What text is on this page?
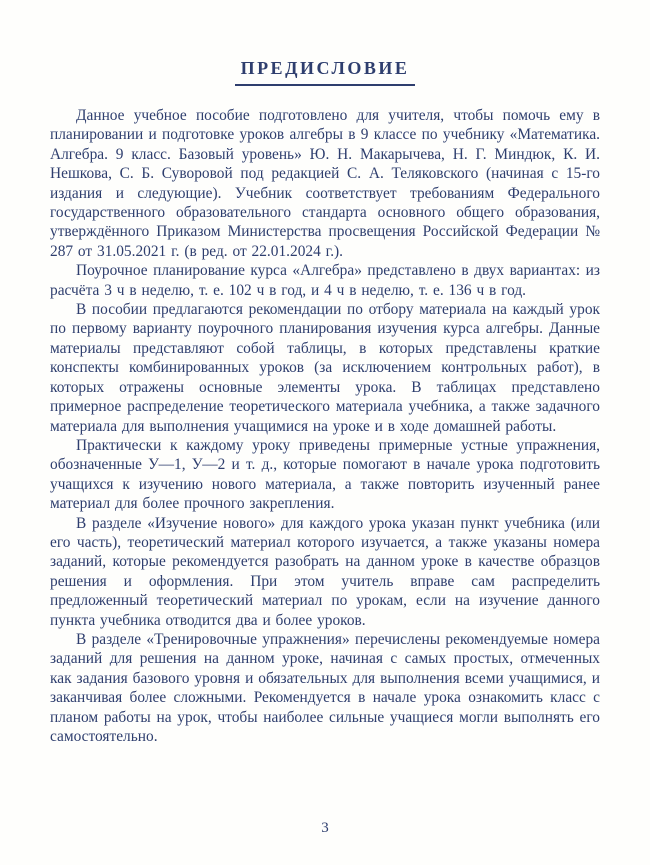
ПРЕДИСЛОВИЕ

Данное учебное пособие подготовлено для учителя, чтобы помочь ему в планировании и подготовке уроков алгебры в 9 классе по учебнику «Математика. Алгебра. 9 класс. Базовый уровень» Ю. Н. Макарычева, Н. Г. Миндюк, К. И. Нешкова, С. Б. Суворовой под редакцией С. А. Теляковского (начиная с 15-го издания и следующие). Учебник соответствует требованиям Федерального государственного образовательного стандарта основного общего образования, утверждённого Приказом Министерства просвещения Российской Федерации № 287 от 31.05.2021 г. (в ред. от 22.01.2024 г.).

Поурочное планирование курса «Алгебра» представлено в двух вариантах: из расчёта 3 ч в неделю, т. е. 102 ч в год, и 4 ч в неделю, т. е. 136 ч в год.

В пособии предлагаются рекомендации по отбору материала на каждый урок по первому варианту поурочного планирования изучения курса алгебры. Данные материалы представляют собой таблицы, в которых представлены краткие конспекты комбинированных уроков (за исключением контрольных работ), в которых отражены основные элементы урока. В таблицах представлено примерное распределение теоретического материала учебника, а также задачного материала для выполнения учащимися на уроке и в ходе домашней работы.

Практически к каждому уроку приведены примерные устные упражнения, обозначенные У—1, У—2 и т. д., которые помогают в начале урока подготовить учащихся к изучению нового материала, а также повторить изученный ранее материал для более прочного закрепления.

В разделе «Изучение нового» для каждого урока указан пункт учебника (или его часть), теоретический материал которого изучается, а также указаны номера заданий, которые рекомендуется разобрать на данном уроке в качестве образцов решения и оформления. При этом учитель вправе сам распределить предложенный теоретический материал по урокам, если на изучение данного пункта учебника отводится два и более уроков.

В разделе «Тренировочные упражнения» перечислены рекомендуемые номера заданий для решения на данном уроке, начиная с самых простых, отмеченных как задания базового уровня и обязательных для выполнения всеми учащимися, и заканчивая более сложными. Рекомендуется в начале урока ознакомить класс с планом работы на урок, чтобы наиболее сильные учащиеся могли выполнять его самостоятельно.

3
